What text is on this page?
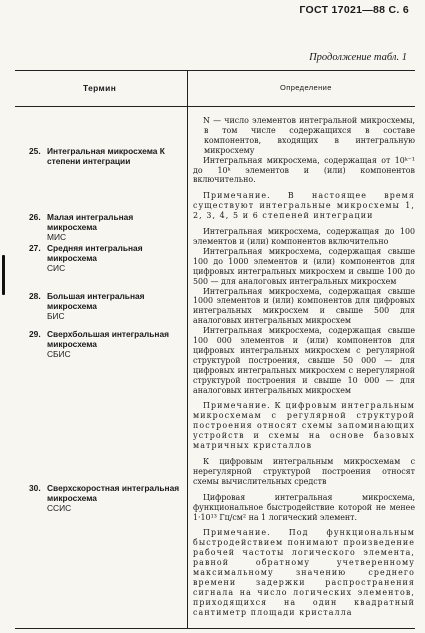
ГОСТ 17021—88 С. 6
Продолжение табл. 1
Термин	Определение
25. Интегральная микросхема К степени интеграции
26. Малая интегральная микросхема
МИС
27. Средняя интегральная микросхема
СИС
28. Большая интегральная микросхема
БИС
29. Сверхбольшая интегральная микросхема
СБИС
30. Сверхскоростная интегральная микросхема
ССИС

N — число элементов интегральной микросхемы, в том числе содержащихся в составе компонентов, входящих в интегральную микросхему

Интегральная микросхема, содержащая от 10ᵏ⁻¹ до 10ᵏ элементов и (или) компонентов включительно.

Примечание. В настоящее время существуют интегральные микросхемы 1, 2, 3, 4, 5 и 6 степеней интеграции

Интегральная микросхема, содержащая до 100 элементов и (или) компонентов включительно

Интегральная микросхема, содержащая свыше 100 до 1000 элементов и (или) компонентов для цифровых интегральных микросхем и свыше 100 до 500 — для аналоговых интегральных микросхем

Интегральная микросхема, содержащая свыше 1000 элементов и (или) компонентов для цифровых интегральных микросхем и свыше 500 для аналоговых интегральных микросхем

Интегральная микросхема, содержащая свыше 100 000 элементов и (или) компонентов для цифровых интегральных микросхем с регулярной структурой построения, свыше 50 000 — для цифровых интегральных микросхем с нерегулярной структурой построения и свыше 10 000 — для аналоговых интегральных микросхем

Примечание. К цифровым интегральным микросхемам с регулярной структурой построения относят схемы запоминающих устройств и схемы на основе базовых матричных кристаллов

К цифровым интегральным микросхемам с нерегулярной структурой построения относят схемы вычислительных средств

Цифровая интегральная микросхема, функциональное быстродействие которой не менее 1·10¹³ Гц/см² на 1 логический элемент.

Примечание. Под функциональным быстродействием понимают произведение рабочей частоты логического элемента, равной обратному учетверенному максимальному значению среднего времени задержки распространения сигнала на число логических элементов, приходящихся на один квадратный сантиметр площади кристалла
